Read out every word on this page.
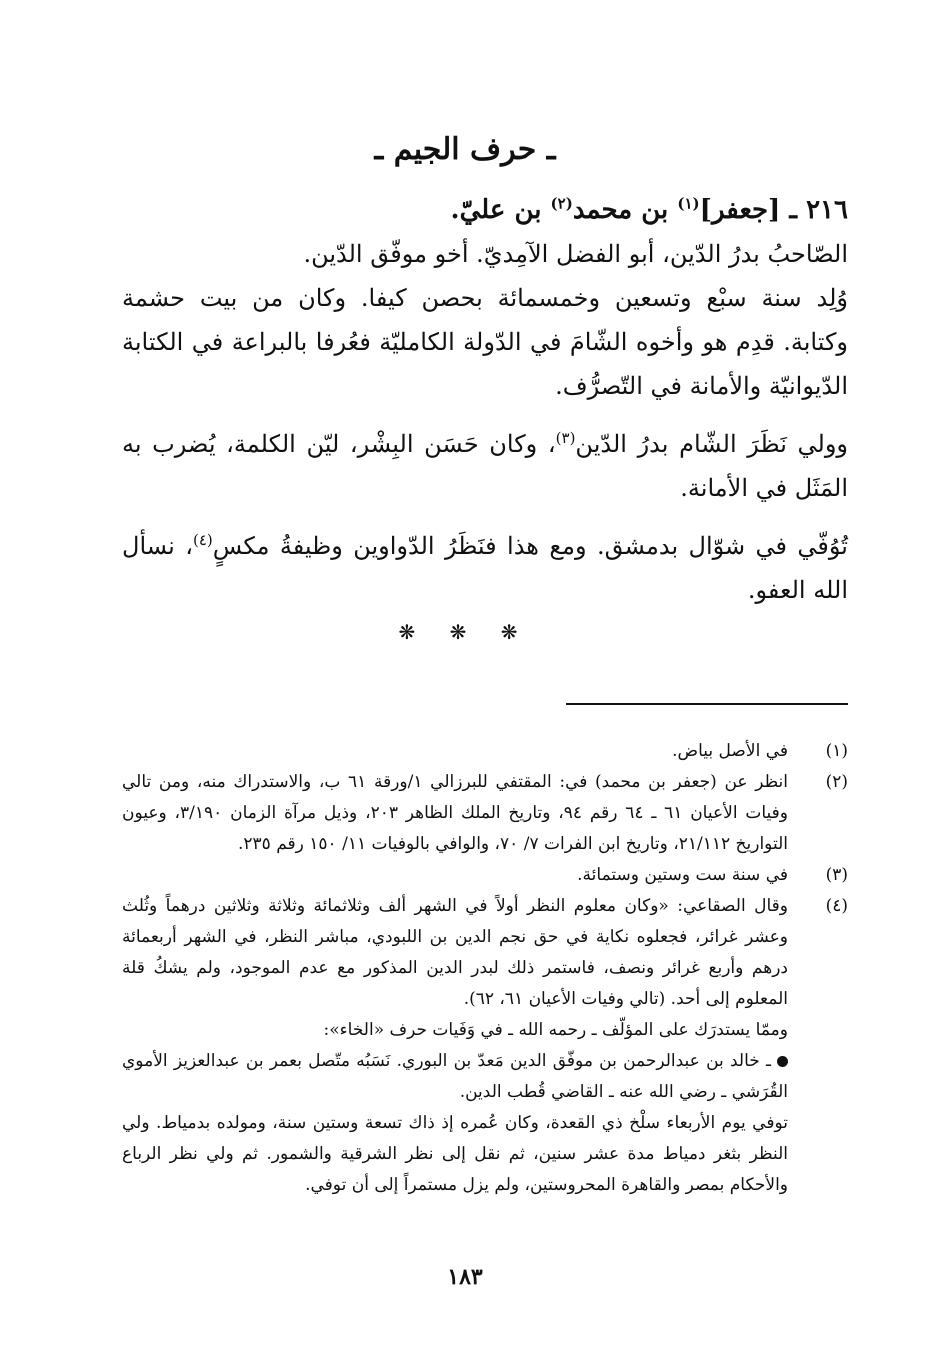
ـ حرف الجيم ـ

٢١٦ ـ [جعفر]$^{(١)}$ بن محمد$^{(٢)}$ بن عليّ.

الصّاحبُ بدرُ الدّين، أبو الفضل الآمِديّ. أخو موفّق الدّين.

وُلِد سنة سبْع وتسعين وخمسمائة بحصن كيفا. وكان من بيت حشمة وكتابة. قدِم هو وأخوه الشّامَ في الدّولة الكامليّة فعُرفا بالبراعة في الكتابة الدّيوانيّة والأمانة في التّصرُّف.

وولي نَظَرَ الشّام بدرُ الدّين$^{(٣)}$، وكان حَسَن البِشْر، ليّن الكلمة، يُضرب به المَثَل في الأمانة.

تُوُفّي في شوّال بدمشق. ومع هذا فنَظَرُ الدّواوين وظيفةُ مكسٍ$^{(٤)}$، نسأل الله العفو.

❋ ❋ ❋
(١)

في الأصل بياض.

(٢)

انظر عن (جعفر بن محمد) في: المقتفي للبرزالي ١/ورقة ٦١ ب، والاستدراك منه، ومن تالي وفيات الأعيان ٦١ ـ ٦٤ رقم ٩٤، وتاريخ الملك الظاهر ٢٠٣، وذيل مرآة الزمان ٣/١٩٠، وعيون التواريخ ٢١/١١٢، وتاريخ ابن الفرات ٧/ ٧٠، والوافي بالوفيات ١١/ ١٥٠ رقم ٢٣٥.

(٣)

في سنة ست وستين وستمائة.

(٤)

وقال الصقاعي: «وكان معلوم النظر أولاً في الشهر ألف وثلاثمائة وثلاثة وثلاثين درهماً وثُلث وعشر غرائر، فجعلوه نكاية في حق نجم الدين بن اللبودي، مباشر النظر، في الشهر أربعمائة درهم وأربع غرائر ونصف، فاستمر ذلك لبدر الدين المذكور مع عدم الموجود، ولم يشكُ قلة المعلوم إلى أحد. (تالي وفيات الأعيان ٦١، ٦٢).

وممّا يستدرَك على المؤلّف ـ رحمه الله ـ في وَفَيات حرف «الخاء»:

ـ خالد بن عبدالرحمن بن موفّق الدين مَعدّ بن البوري. نَسَبُه متّصل بعمر بن عبدالعزيز الأموي القُرَشي ـ رضي الله عنه ـ القاضي قُطب الدين.

توفي يوم الأربعاء سلْخ ذي القعدة، وكان عُمره إذ ذاك تسعة وستين سنة، ومولده بدمياط. ولي النظر بثغر دمياط مدة عشر سنين، ثم نقل إلى نظر الشرقية والشمور. ثم ولي نظر الرباع والأحكام بمصر والقاهرة المحروستين، ولم يزل مستمراً إلى أن توفي.

١٨٣
